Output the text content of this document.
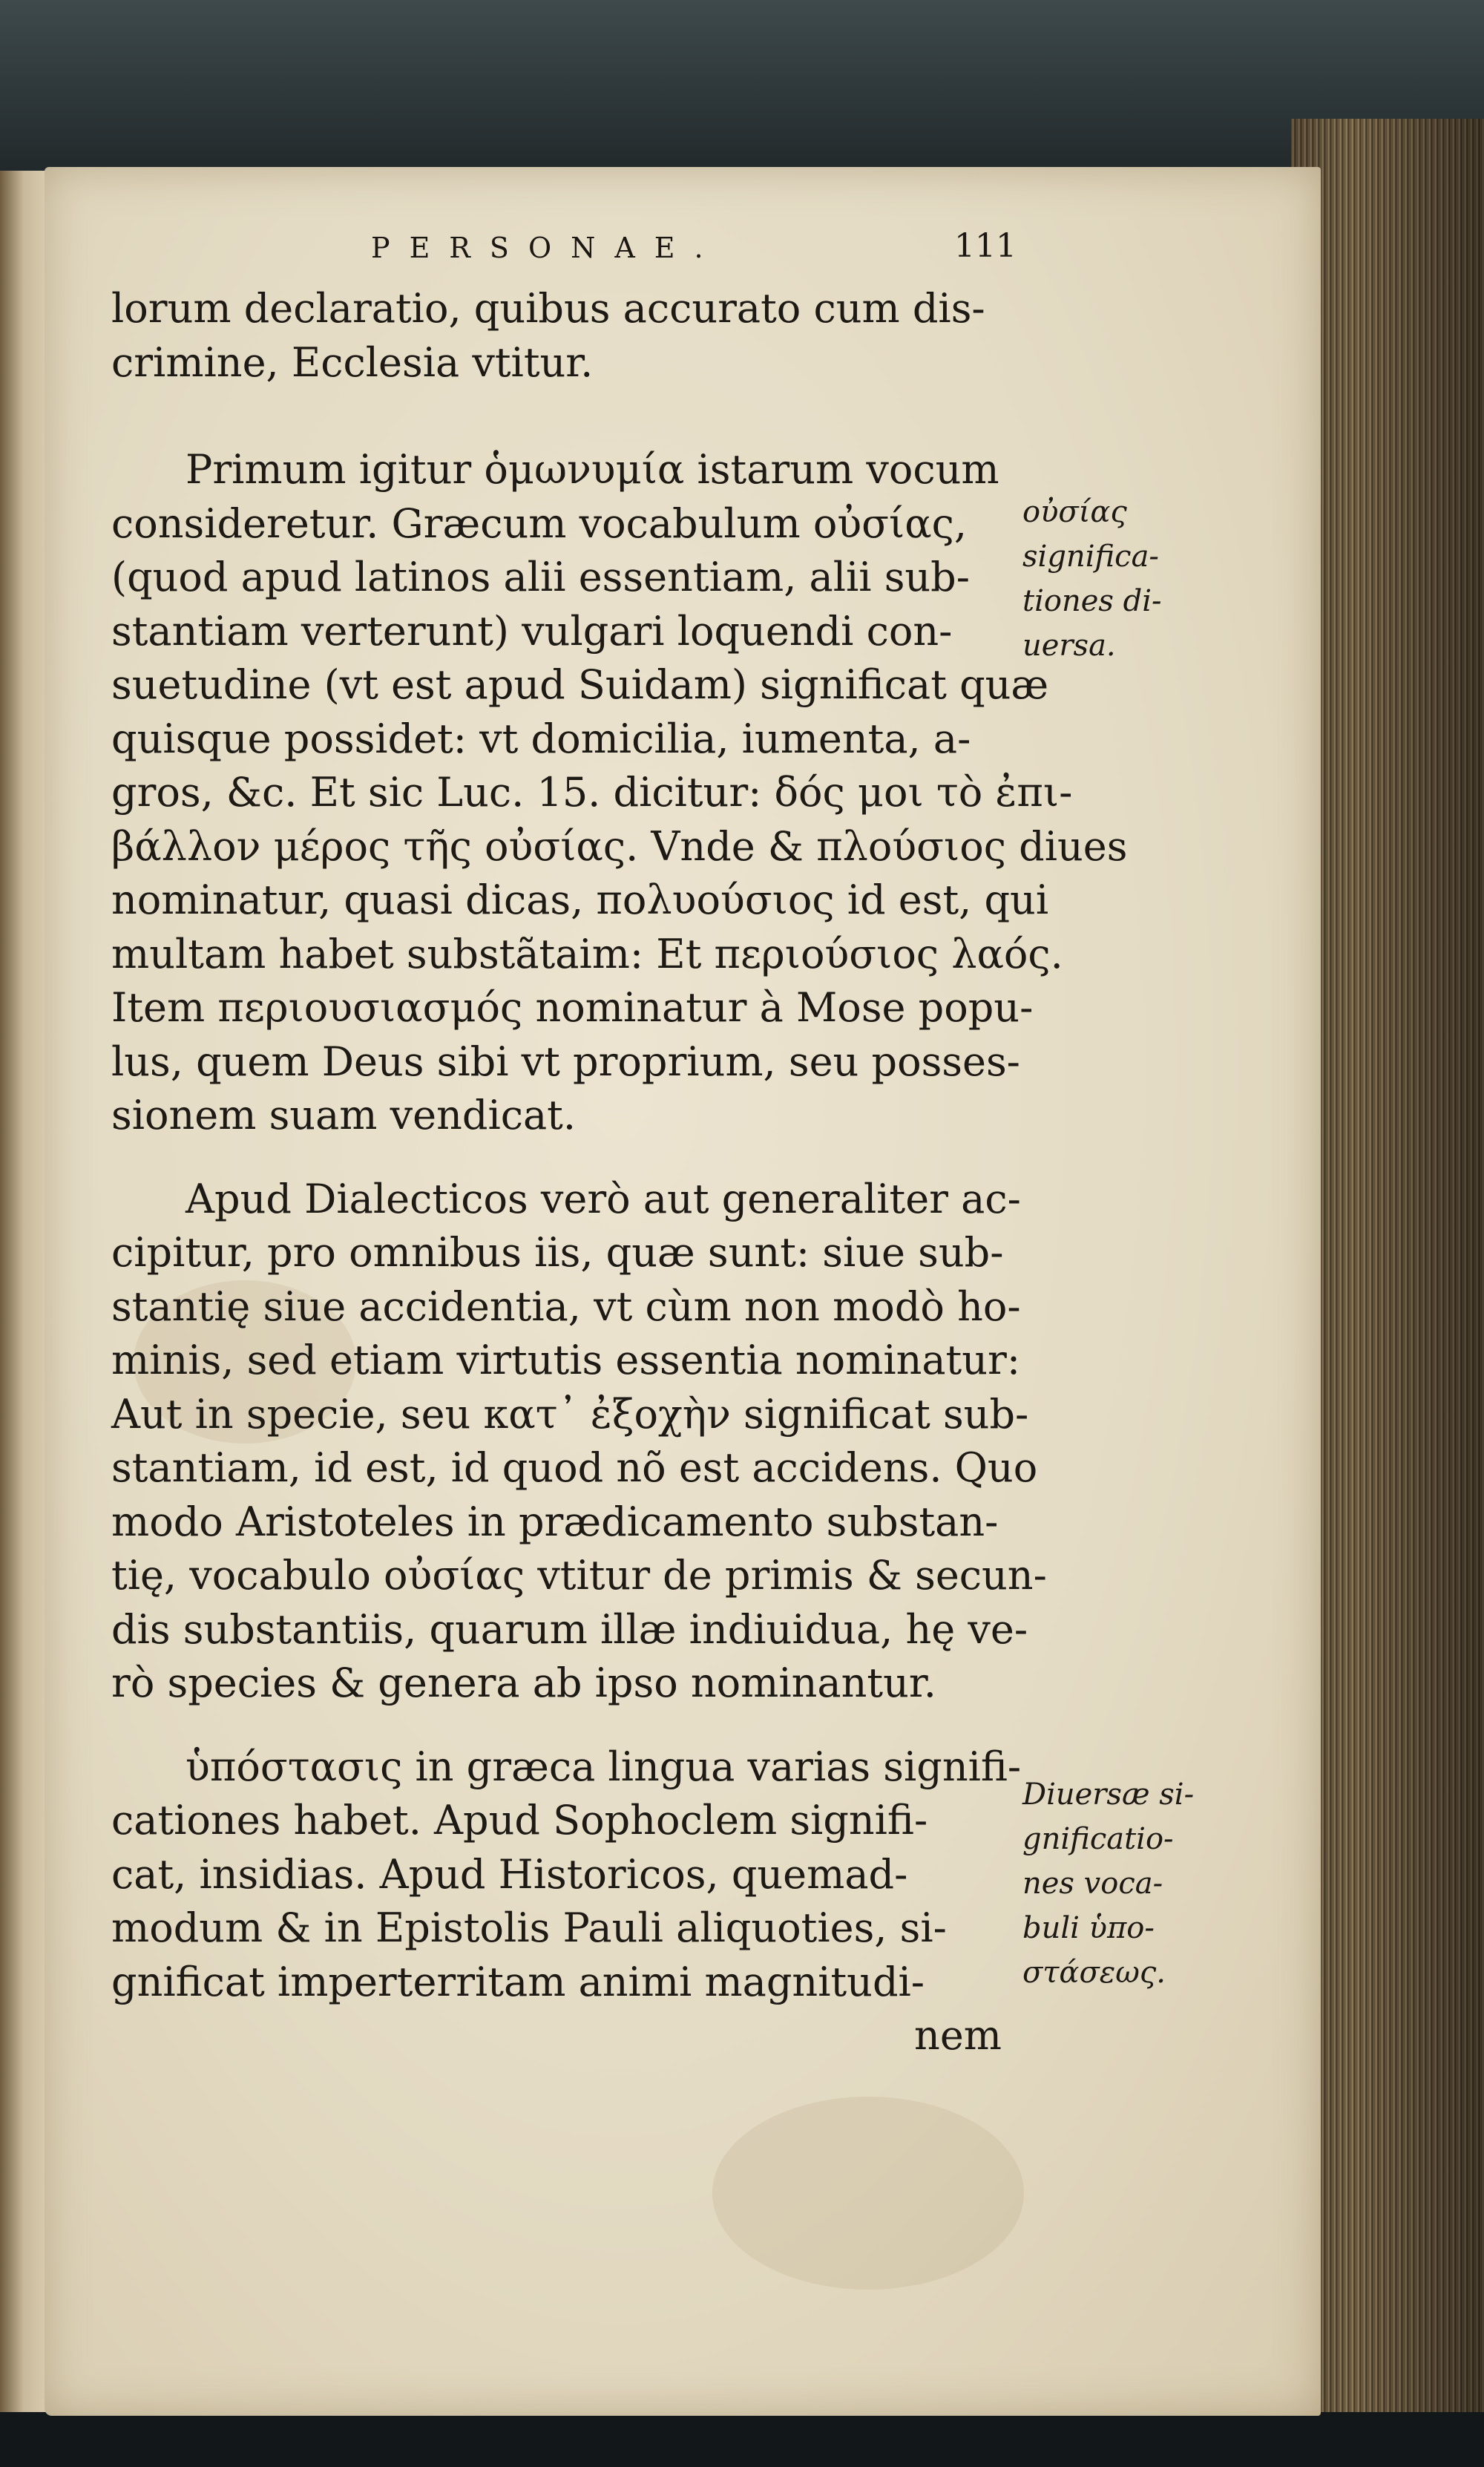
PERSONAE.	111
lorum declaratio, quibus accurato cum dis-
crimine, Ecclesia vtitur.
Primum igitur ὁμωνυμία istarum vocum
consideretur. Græcum vocabulum οὐσίας,
(quod apud latinos alii essentiam, alii sub-
stantiam verterunt) vulgari loquendi con-
suetudine (vt est apud Suidam) significat quæ
quisque possidet: vt domicilia, iumenta, a-
gros, &c. Et sic Luc. 15. dicitur: δός μοι τὸ ἐπι-
βάλλον μέρος τῆς οὐσίας. Vnde & πλούσιος diues
nominatur, quasi dicas, πολυούσιος id est, qui
multam habet substãtaim: Et περιούσιος λαός.
Item περιουσιασμός nominatur à Mose popu-
lus, quem Deus sibi vt proprium, seu posses-
sionem suam vendicat.
Apud Dialecticos verò aut generaliter ac-
cipitur, pro omnibus iis, quæ sunt: siue sub-
stantię siue accidentia, vt cùm non modò ho-
minis, sed etiam virtutis essentia nominatur:
Aut in specie, seu κατ᾽ ἐξοχὴν significat sub-
stantiam, id est, id quod nõ est accidens. Quo
modo Aristoteles in prædicamento substan-
tię, vocabulo οὐσίας vtitur de primis & secun-
dis substantiis, quarum illæ indiuidua, hę ve-
rò species & genera ab ipso nominantur.
ὑπόστασις in græca lingua varias signifi-
cationes habet. Apud Sophoclem signifi-
cat, insidias. Apud Historicos, quemad-
modum & in Epistolis Pauli aliquoties, si-
gnificat imperterritam animi magnitudi-
nem
οὐσίας
significa-
tiones di-
uersa.
Diuersæ si-
gnificatio-
nes voca-
buli ὑπο-
στάσεως.
